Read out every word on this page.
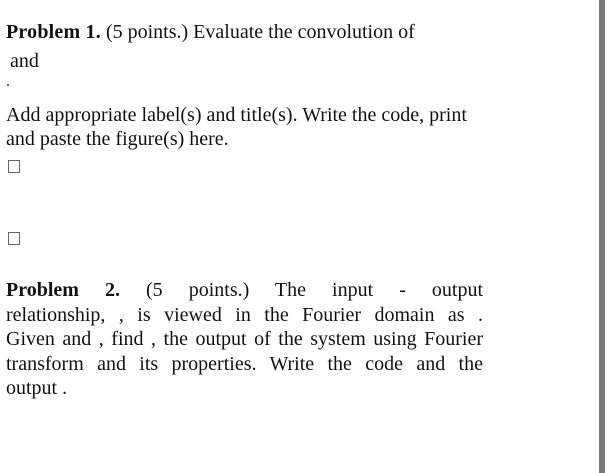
Problem 1. (5 points.) Evaluate the convolution of
and
.
Add appropriate label(s) and title(s). Write the code, print
and paste the figure(s) here.
Problem 2. (5 points.) The input - output
relationship, , is viewed in the Fourier domain as .
Given and , find , the output of the system using Fourier
transform and its properties. Write the code and the
output .
